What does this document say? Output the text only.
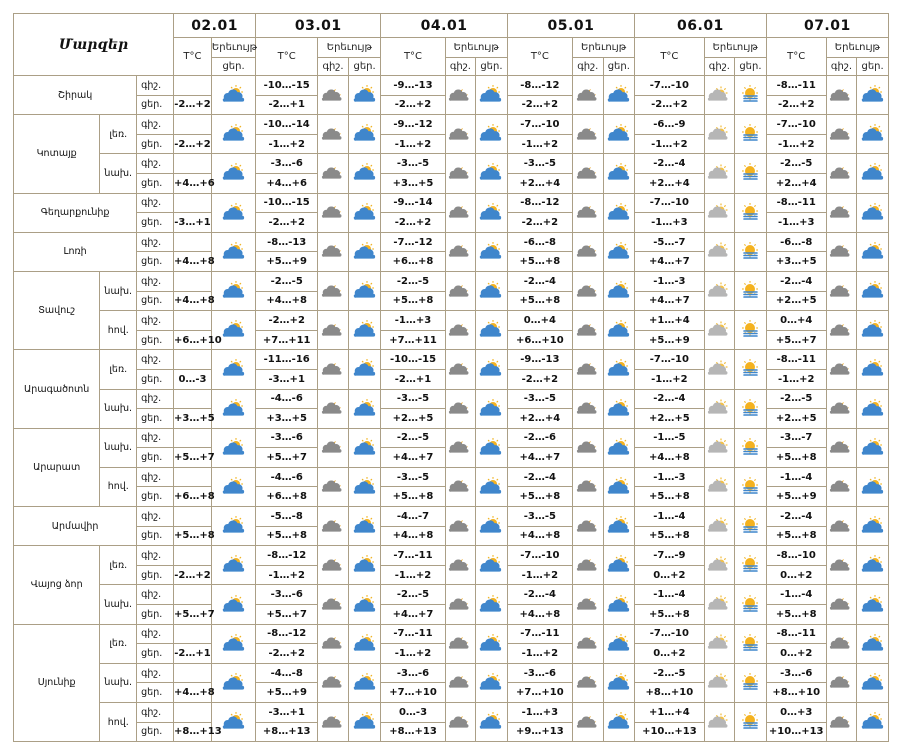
Մարզեր			02.01		03.01			04.01			05.01			06.01			07.01		
			T°C	Երեւույթ	T°C	Երեւույթ		T°C	Երեւույթ		T°C	Երեւույթ		T°C	Երեւույթ		T°C	Երեւույթ	
				ցեր.		գիշ.	ցեր.		գիշ.	ցեր.		գիշ.	ցեր.		գիշ.	ցեր.		գիշ.	ցեր.
Շիրակ		գիշ.			-10…-15			-9…-13			-8…-12			-7…-10			-8…-11	

		ցեր.	-2…+2		-2…+1			-2…+2			-2…+2			-2…+2			-2…+2		
Կոտայք	լեռ.	գիշ.			-10…-14			-9…-12			-7…-10			-6…-9			-7…-10	

		ցեր.	-2…+2		-1…+2			-1…+2			-1…+2			-1…+2			-1…+2		
	նախ.	գիշ.			-3…-6			-3…-5			-3…-5			-2…-4			-2…-5	

		ցեր.	+4…+6		+4…+6			+3…+5			+2…+4			+2…+4			+2…+4		
Գեղարքունիք		գիշ.			-10…-15			-9…-14			-8…-12			-7…-10			-8…-11	

		ցեր.	-3…+1		-2…+2			-2…+2			-2…+2			-1…+3			-1…+3		
Լոռի		գիշ.			-8…-13			-7…-12			-6…-8			-5…-7			-6…-8	

		ցեր.	+4…+8		+5…+9			+6…+8			+5…+8			+4…+7			+3…+5		
Տավուշ	նախ.	գիշ.			-2…-5			-2…-5			-2…-4			-1…-3			-2…-4	

		ցեր.	+4…+8		+4…+8			+5…+8			+5…+8			+4…+7			+2…+5		
	հով.	գիշ.			-2…+2			-1…+3			0…+4			+1…+4			0…+4	

		ցեր.	+6…+10		+7…+11			+7…+11			+6…+10			+5…+9			+5…+7		
Արագածոտն	լեռ.	գիշ.			-11…-16			-10…-15			-9…-13			-7…-10			-8…-11	

		ցեր.	0…-3		-3…+1			-2…+1			-2…+2			-1…+2			-1…+2		
	նախ.	գիշ.			-4…-6			-3…-5			-3…-5			-2…-4			-2…-5	

		ցեր.	+3…+5		+3…+5			+2…+5			+2…+4			+2…+5			+2…+5		
Արարատ	նախ.	գիշ.			-3…-6			-2…-5			-2…-6			-1…-5			-3…-7	

		ցեր.	+5…+7		+5…+7			+4…+7			+4…+7			+4…+8			+5…+8		
	հով.	գիշ.			-4…-6			-3…-5			-2…-4			-1…-3			-1…-4	

		ցեր.	+6…+8		+6…+8			+5…+8			+5…+8			+5…+8			+5…+9		
Արմավիր		գիշ.			-5…-8			-4…-7			-3…-5			-1…-4			-2…-4	

		ցեր.	+5…+8		+5…+8			+4…+8			+4…+8			+5…+8			+5…+8		
Վայոց ձոր	լեռ.	գիշ.			-8…-12			-7…-11			-7…-10			-7…-9			-8…-10	

		ցեր.	-2…+2		-1…+2			-1…+2			-1…+2			0…+2			0…+2		
	նախ.	գիշ.			-3…-6			-2…-5			-2…-4			-1…-4			-1…-4	

		ցեր.	+5…+7		+5…+7			+4…+7			+4…+8			+5…+8			+5…+8		
Սյունիք	լեռ.	գիշ.			-8…-12			-7…-11			-7…-11			-7…-10			-8…-11	

		ցեր.	-2…+1		-2…+2			-1…+2			-1…+2			0…+2			0…+2		
	նախ.	գիշ.			-4…-8			-3…-6			-3…-6			-2…-5			-3…-6	

		ցեր.	+4…+8		+5…+9			+7…+10			+7…+10			+8…+10			+8…+10		
	հով.	գիշ.			-3…+1			0…-3			-1…+3			+1…+4			0…+3	

		ցեր.	+8…+13		+8…+13			+8…+13			+9…+13			+10…+13			+10…+13		
